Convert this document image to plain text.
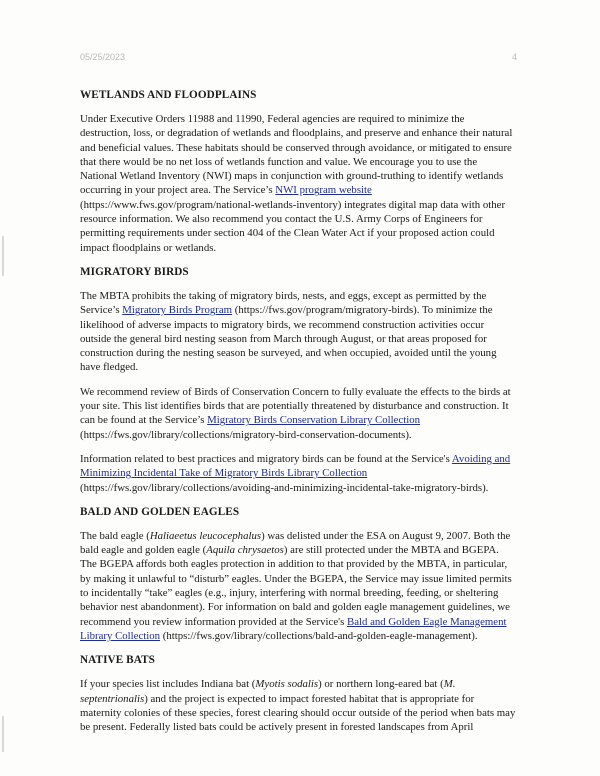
05/25/2023	4
WETLANDS AND FLOODPLAINS

Under Executive Orders 11988 and 11990, Federal agencies are required to minimize the destruction, loss, or degradation of wetlands and floodplains, and preserve and enhance their natural and beneficial values. These habitats should be conserved through avoidance, or mitigated to ensure that there would be no net loss of wetlands function and value. We encourage you to use the National Wetland Inventory (NWI) maps in conjunction with ground-truthing to identify wetlands occurring in your project area. The Service’s NWI program website (https://www.fws.gov/program/national-wetlands-inventory) integrates digital map data with other resource information. We also recommend you contact the U.S. Army Corps of Engineers for permitting requirements under section 404 of the Clean Water Act if your proposed action could impact floodplains or wetlands.

MIGRATORY BIRDS

The MBTA prohibits the taking of migratory birds, nests, and eggs, except as permitted by the Service’s Migratory Birds Program (https://fws.gov/program/migratory-birds). To minimize the likelihood of adverse impacts to migratory birds, we recommend construction activities occur outside the general bird nesting season from March through August, or that areas proposed for construction during the nesting season be surveyed, and when occupied, avoided until the young have fledged.

We recommend review of Birds of Conservation Concern to fully evaluate the effects to the birds at your site. This list identifies birds that are potentially threatened by disturbance and construction. It can be found at the Service’s Migratory Birds Conservation Library Collection (https://fws.gov/library/collections/migratory-bird-conservation-documents).

Information related to best practices and migratory birds can be found at the Service's Avoiding and Minimizing Incidental Take of Migratory Birds Library Collection (https://fws.gov/library/collections/avoiding-and-minimizing-incidental-take-migratory-birds).

BALD AND GOLDEN EAGLES

The bald eagle (Haliaeetus leucocephalus) was delisted under the ESA on August 9, 2007. Both the bald eagle and golden eagle (Aquila chrysaetos) are still protected under the MBTA and BGEPA. The BGEPA affords both eagles protection in addition to that provided by the MBTA, in particular, by making it unlawful to “disturb” eagles. Under the BGEPA, the Service may issue limited permits to incidentally “take” eagles (e.g., injury, interfering with normal breeding, feeding, or sheltering behavior nest abandonment). For information on bald and golden eagle management guidelines, we recommend you review information provided at the Service's Bald and Golden Eagle Management Library Collection (https://fws.gov/library/collections/bald-and-golden-eagle-management).

NATIVE BATS

If your species list includes Indiana bat (Myotis sodalis) or northern long-eared bat (M. septentrionalis) and the project is expected to impact forested habitat that is appropriate for maternity colonies of these species, forest clearing should occur outside of the period when bats may be present. Federally listed bats could be actively present in forested landscapes from April
